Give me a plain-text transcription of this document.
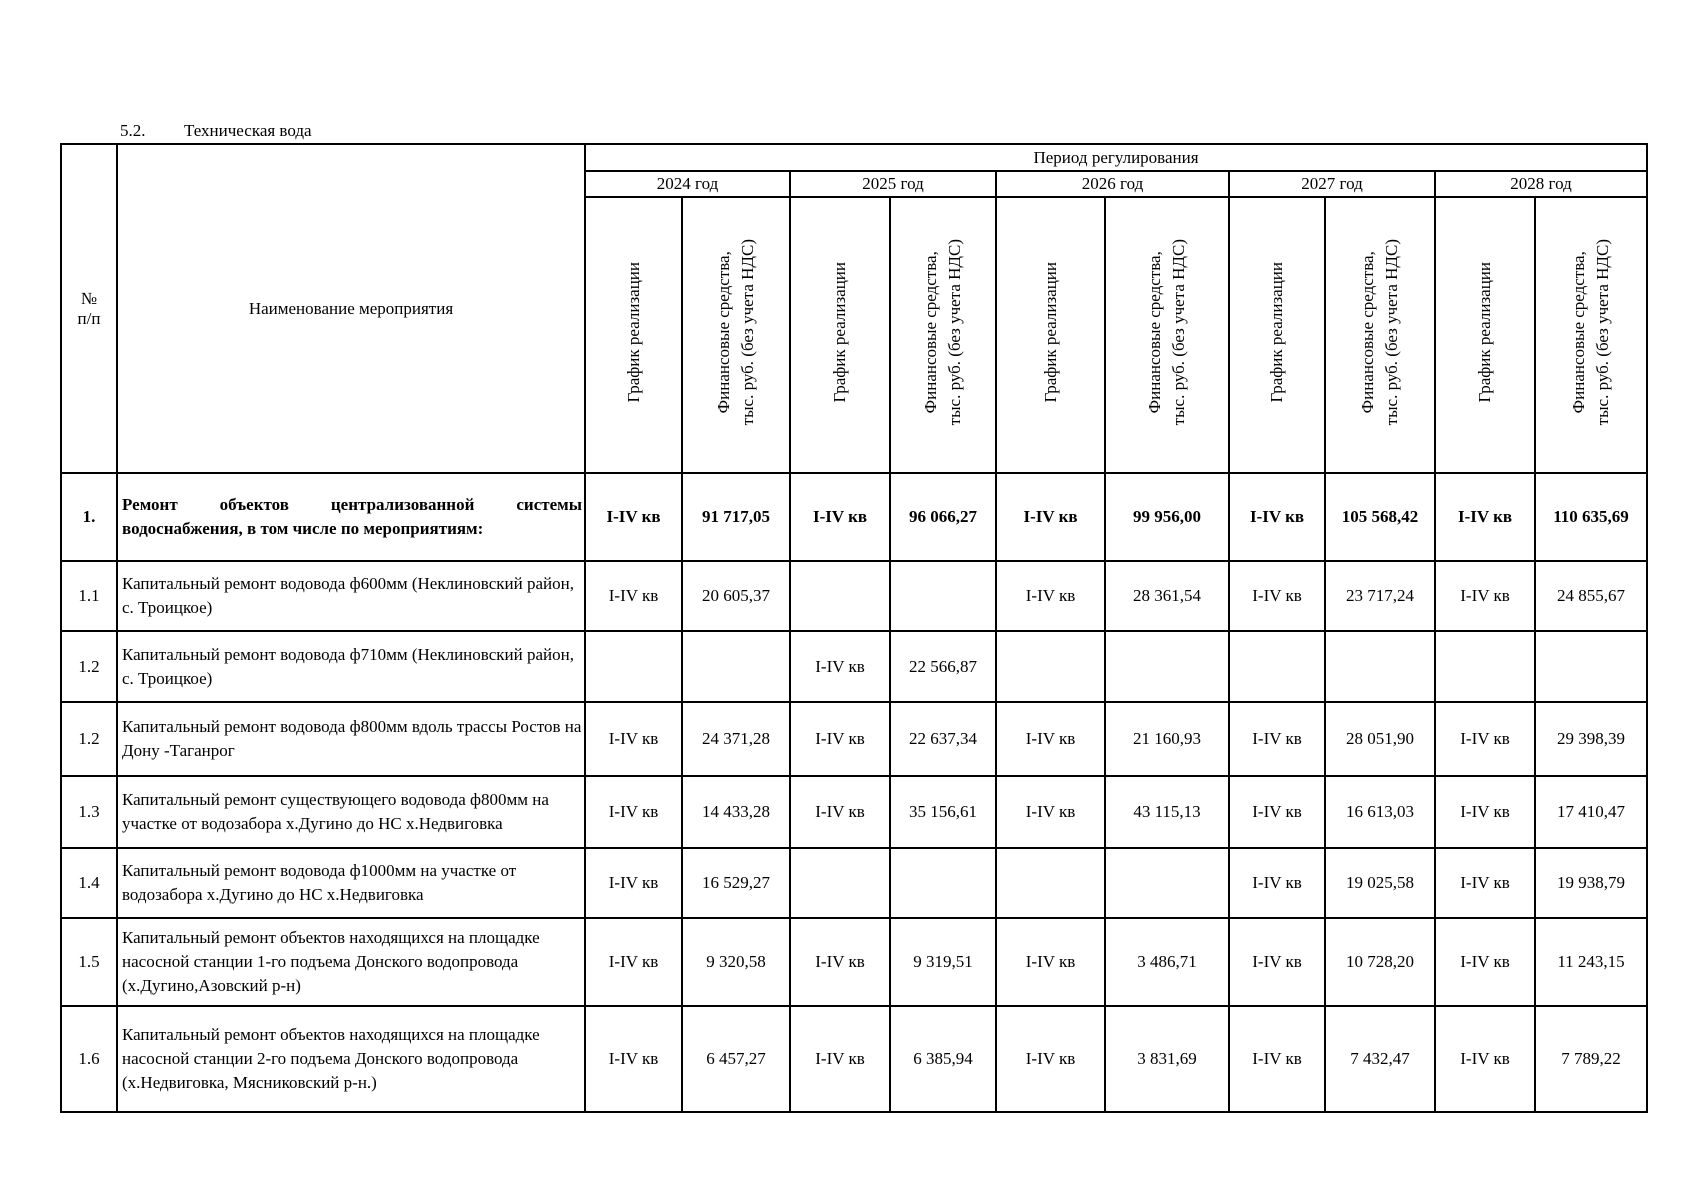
5.2. Техническая вода
№
п/п	Наименование мероприятия	Период регулирования									
		2024 год		2025 год		2026 год		2027 год		2028 год	
		График реализации	Финансовые средства, тыс. руб. (без учета НДС)	График реализации	Финансовые средства, тыс. руб. (без учета НДС)	График реализации	Финансовые средства, тыс. руб. (без учета НДС)	График реализации	Финансовые средства, тыс. руб. (без учета НДС)	График реализации	Финансовые средства, тыс. руб. (без учета НДС)
1.	Ремонт объектов централизованной системы водоснабжения, в том числе по мероприятиям:	I-IV кв	91 717,05	I-IV кв	96 066,27	I-IV кв	99 956,00	I-IV кв	105 568,42	I-IV кв	110 635,69
1.1	Капитальный ремонт водовода ф600мм (Неклиновский район, с. Троицкое)	I-IV кв	20 605,37			I-IV кв	28 361,54	I-IV кв	23 717,24	I-IV кв	24 855,67
1.2	Капитальный ремонт водовода ф710мм (Неклиновский район, с. Троицкое)			I-IV кв	22 566,87						
1.2	Капитальный ремонт водовода ф800мм вдоль трассы Ростов на Дону -Таганрог	I-IV кв	24 371,28	I-IV кв	22 637,34	I-IV кв	21 160,93	I-IV кв	28 051,90	I-IV кв	29 398,39
1.3	Капитальный ремонт существующего водовода ф800мм на участке от водозабора х.Дугино до НС х.Недвиговка	I-IV кв	14 433,28	I-IV кв	35 156,61	I-IV кв	43 115,13	I-IV кв	16 613,03	I-IV кв	17 410,47
1.4	Капитальный ремонт водовода ф1000мм на участке от водозабора х.Дугино до НС х.Недвиговка	I-IV кв	16 529,27					I-IV кв	19 025,58	I-IV кв	19 938,79
1.5	Капитальный ремонт объектов находящихся на площадке насосной станции 1-го подъема Донского водопровода (х.Дугино,Азовский р-н)	I-IV кв	9 320,58	I-IV кв	9 319,51	I-IV кв	3 486,71	I-IV кв	10 728,20	I-IV кв	11 243,15
1.6	Капитальный ремонт объектов находящихся на площадке насосной станции 2-го подъема Донского водопровода (х.Недвиговка, Мясниковский р-н.)	I-IV кв	6 457,27	I-IV кв	6 385,94	I-IV кв	3 831,69	I-IV кв	7 432,47	I-IV кв	7 789,22
